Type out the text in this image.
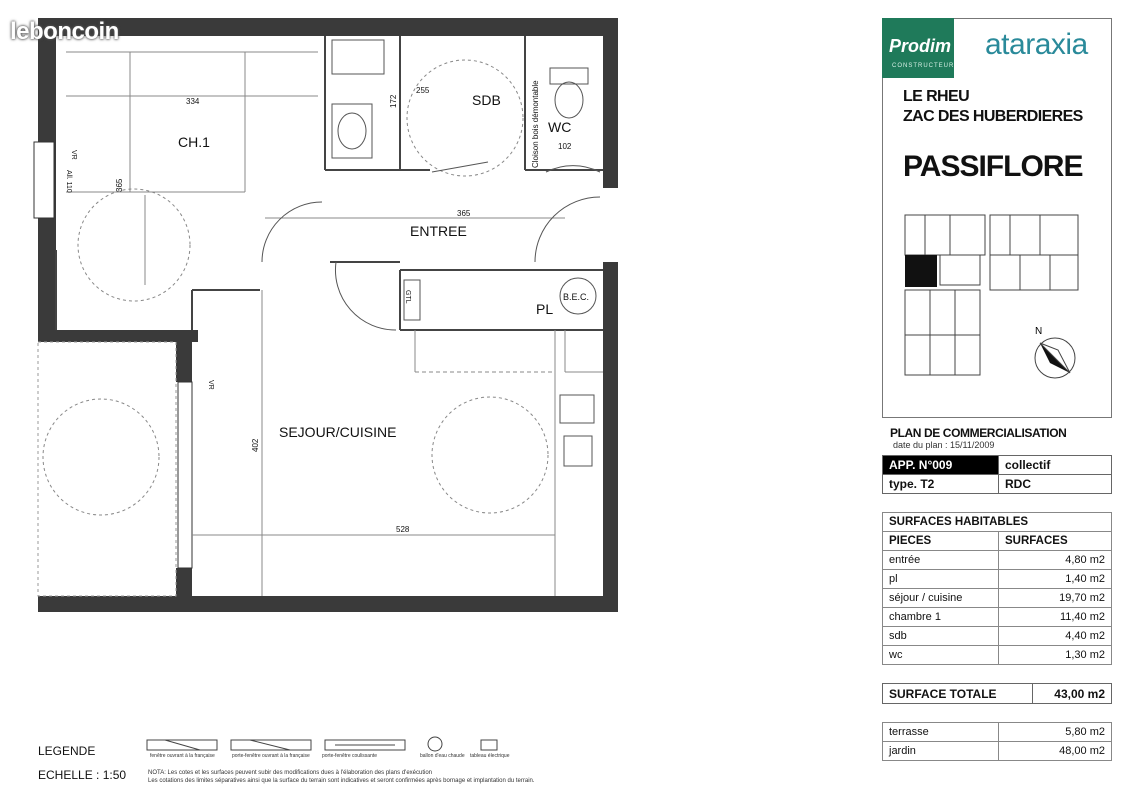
CH.1
SDB
WC
ENTREE
PL
B.E.C.
SEJOUR/CUISINE
334
365
255
172
102
365
402
528
Cloison bois démontable
VR
All. 110
VR
GTL
leboncoin
Prodim
CONSTRUCTEUR
ataraxia
LE RHEU
ZAC DES HUBERDIERES
PASSIFLORE
N
PLAN DE COMMERCIALISATION
date du plan : 15/11/2009
APP. N°009	collectif
type. T2	RDC
SURFACES HABITABLES	
PIECES	SURFACES
entrée	4,80 m2
pl	1,40 m2
séjour / cuisine	19,70 m2
chambre 1	11,40 m2
sdb	4,40 m2
wc	1,30 m2
SURFACE TOTALE	43,00 m2
terrasse	5,80 m2
jardin	48,00 m2
LEGENDE
ECHELLE : 1:50
fenêtre ouvrant à la française	porte-fenêtre ouvrant à la française porte-fenêtre coulissante	ballon d'eau chaude tableau électrique
NOTA: Les cotes et les surfaces peuvent subir des modifications dues à l'élaboration des plans d'exécution
Les cotations des limites séparatives ainsi que la surface du terrain sont indicatives et seront confirmées après bornage et implantation du terrain.
